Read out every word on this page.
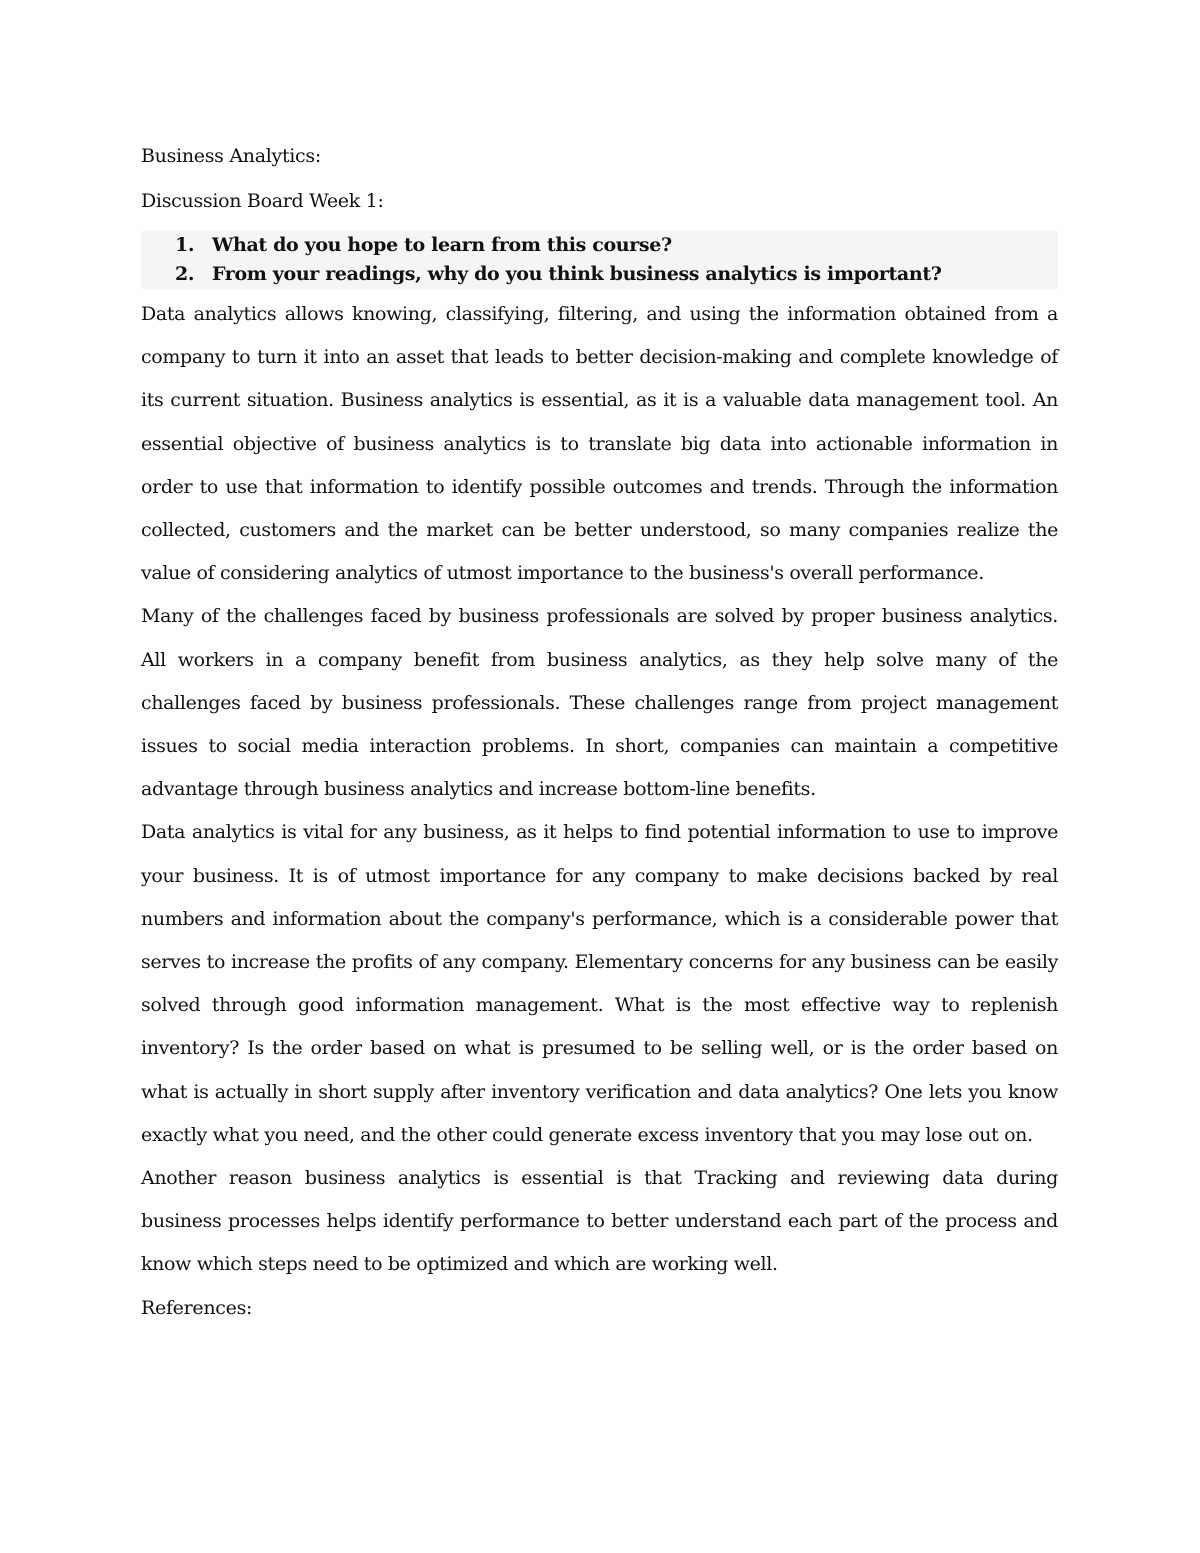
Business Analytics:
Discussion Board Week 1:
1. What do you hope to learn from this course?
2. From your readings, why do you think business analytics is important?

Data analytics allows knowing, classifying, filtering, and using the information obtained from a company to turn it into an asset that leads to better decision-making and complete knowledge of its current situation. Business analytics is essential, as it is a valuable data management tool. An essential objective of business analytics is to translate big data into actionable information in order to use that information to identify possible outcomes and trends. Through the information collected, customers and the market can be better understood, so many companies realize the value of considering analytics of utmost importance to the business's overall performance.

Many of the challenges faced by business professionals are solved by proper business analytics. All workers in a company benefit from business analytics, as they help solve many of the challenges faced by business professionals. These challenges range from project management issues to social media interaction problems. In short, companies can maintain a competitive advantage through business analytics and increase bottom-line benefits.

Data analytics is vital for any business, as it helps to find potential information to use to improve your business. It is of utmost importance for any company to make decisions backed by real numbers and information about the company's performance, which is a considerable power that serves to increase the profits of any company. Elementary concerns for any business can be easily solved through good information management. What is the most effective way to replenish inventory? Is the order based on what is presumed to be selling well, or is the order based on what is actually in short supply after inventory verification and data analytics? One lets you know exactly what you need, and the other could generate excess inventory that you may lose out on.

Another reason business analytics is essential is that Tracking and reviewing data during business processes helps identify performance to better understand each part of the process and know which steps need to be optimized and which are working well.

References:
